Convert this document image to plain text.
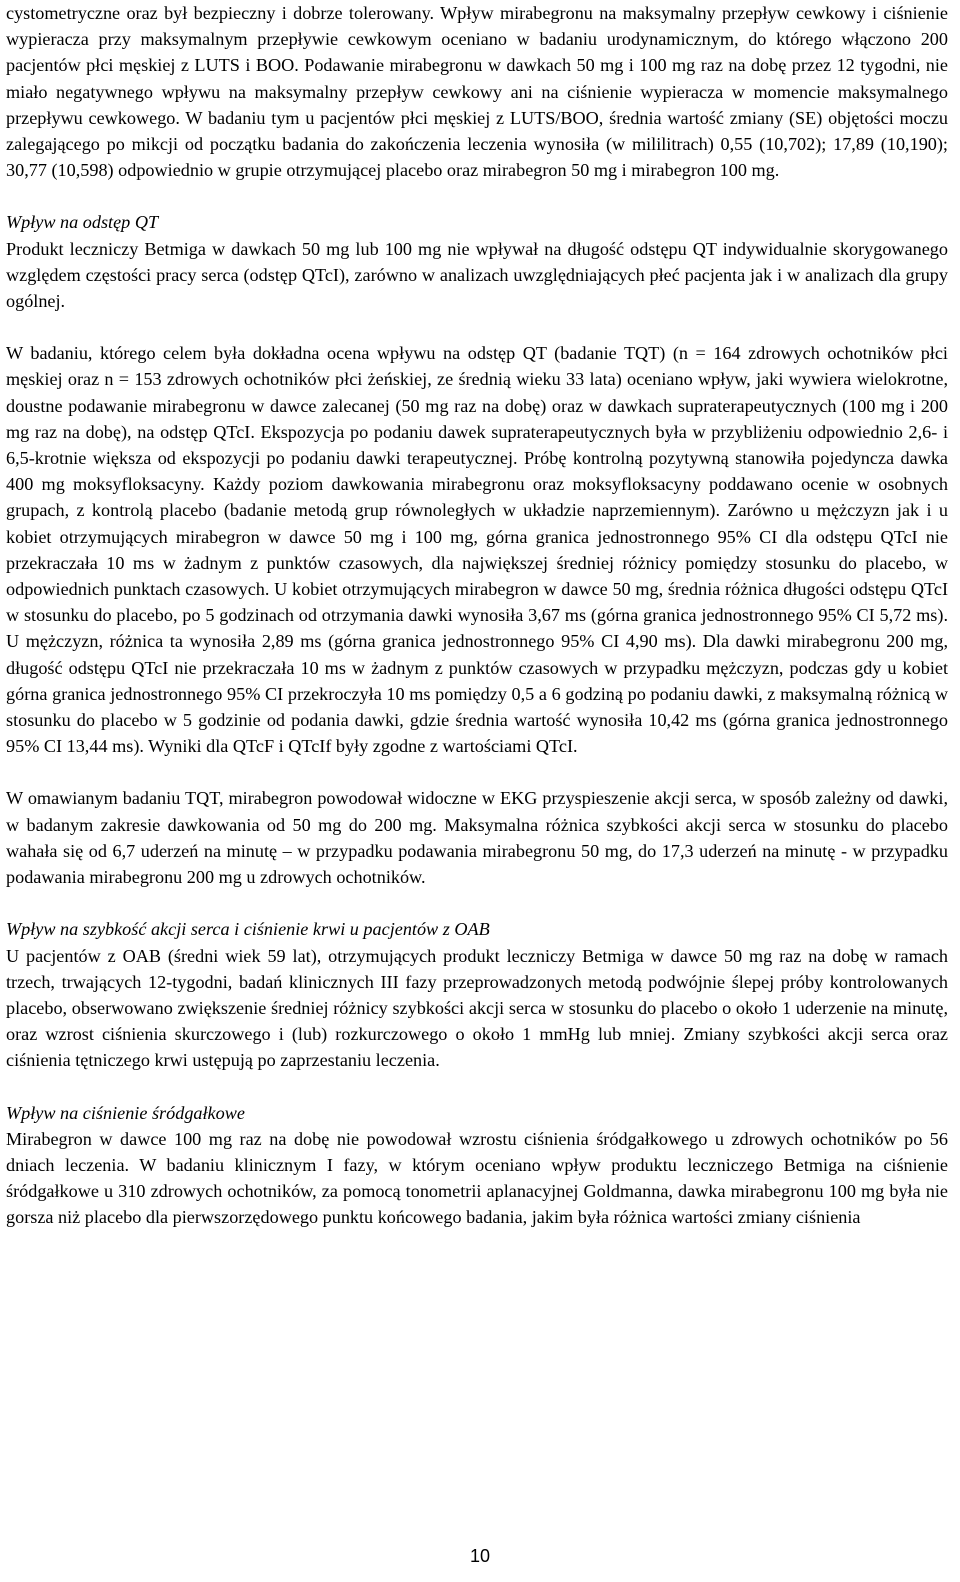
cystometryczne oraz był bezpieczny i dobrze tolerowany. Wpływ mirabegronu na maksymalny przepływ cewkowy i ciśnienie wypieracza przy maksymalnym przepływie cewkowym oceniano w badaniu urodynamicznym, do którego włączono 200 pacjentów płci męskiej z LUTS i BOO. Podawanie mirabegronu w dawkach 50 mg i 100 mg raz na dobę przez 12 tygodni, nie miało negatywnego wpływu na maksymalny przepływ cewkowy ani na ciśnienie wypieracza w momencie maksymalnego przepływu cewkowego. W badaniu tym u pacjentów płci męskiej z LUTS/BOO, średnia wartość zmiany (SE) objętości moczu zalegającego po mikcji od początku badania do zakończenia leczenia wynosiła (w mililitrach) 0,55 (10,702); 17,89 (10,190); 30,77 (10,598) odpowiednio w grupie otrzymującej placebo oraz mirabegron 50 mg i mirabegron 100 mg.

Wpływ na odstęp QT
Produkt leczniczy Betmiga w dawkach 50 mg lub 100 mg nie wpływał na długość odstępu QT indywidualnie skorygowanego względem częstości pracy serca (odstęp QTcI), zarówno w analizach uwzględniających płeć pacjenta jak i w analizach dla grupy ogólnej.

W badaniu, którego celem była dokładna ocena wpływu na odstęp QT (badanie TQT) (n = 164 zdrowych ochotników płci męskiej oraz n = 153 zdrowych ochotników płci żeńskiej, ze średnią wieku 33 lata) oceniano wpływ, jaki wywiera wielokrotne, doustne podawanie mirabegronu w dawce zalecanej (50 mg raz na dobę) oraz w dawkach supraterapeutycznych (100 mg i 200 mg raz na dobę), na odstęp QTcI. Ekspozycja po podaniu dawek supraterapeutycznych była w przybliżeniu odpowiednio 2,6- i 6,5-krotnie większa od ekspozycji po podaniu dawki terapeutycznej. Próbę kontrolną pozytywną stanowiła pojedyncza dawka 400 mg moksyfloksacyny. Każdy poziom dawkowania mirabegronu oraz moksyfloksacyny poddawano ocenie w osobnych grupach, z kontrolą placebo (badanie metodą grup równoległych w układzie naprzemiennym). Zarówno u mężczyzn jak i u kobiet otrzymujących mirabegron w dawce 50 mg i 100 mg, górna granica jednostronnego 95% CI dla odstępu QTcI nie przekraczała 10 ms w żadnym z punktów czasowych, dla największej średniej różnicy pomiędzy stosunku do placebo, w odpowiednich punktach czasowych. U kobiet otrzymujących mirabegron w dawce 50 mg, średnia różnica długości odstępu QTcI w stosunku do placebo, po 5 godzinach od otrzymania dawki wynosiła 3,67 ms (górna granica jednostronnego 95% CI 5,72 ms). U mężczyzn, różnica ta wynosiła 2,89 ms (górna granica jednostronnego 95% CI 4,90 ms). Dla dawki mirabegronu 200 mg, długość odstępu QTcI nie przekraczała 10 ms w żadnym z punktów czasowych w przypadku mężczyzn, podczas gdy u kobiet górna granica jednostronnego 95% CI przekroczyła 10 ms pomiędzy 0,5 a 6 godziną po podaniu dawki, z maksymalną różnicą w stosunku do placebo w 5 godzinie od podania dawki, gdzie średnia wartość wynosiła 10,42 ms (górna granica jednostronnego 95% CI 13,44 ms). Wyniki dla QTcF i QTcIf były zgodne z wartościami QTcI.

W omawianym badaniu TQT, mirabegron powodował widoczne w EKG przyspieszenie akcji serca, w sposób zależny od dawki, w badanym zakresie dawkowania od 50 mg do 200 mg. Maksymalna różnica szybkości akcji serca w stosunku do placebo wahała się od 6,7 uderzeń na minutę – w przypadku podawania mirabegronu 50 mg, do 17,3 uderzeń na minutę - w przypadku podawania mirabegronu 200 mg u zdrowych ochotników.

Wpływ na szybkość akcji serca i ciśnienie krwi u pacjentów z OAB
U pacjentów z OAB (średni wiek 59 lat), otrzymujących produkt leczniczy Betmiga w dawce 50 mg raz na dobę w ramach trzech, trwających 12-tygodni, badań klinicznych III fazy przeprowadzonych metodą podwójnie ślepej próby kontrolowanych placebo, obserwowano zwiększenie średniej różnicy szybkości akcji serca w stosunku do placebo o około 1 uderzenie na minutę, oraz wzrost ciśnienia skurczowego i (lub) rozkurczowego o około 1 mmHg lub mniej. Zmiany szybkości akcji serca oraz ciśnienia tętniczego krwi ustępują po zaprzestaniu leczenia.

Wpływ na ciśnienie śródgałkowe
Mirabegron w dawce 100 mg raz na dobę nie powodował wzrostu ciśnienia śródgałkowego u zdrowych ochotników po 56 dniach leczenia. W badaniu klinicznym I fazy, w którym oceniano wpływ produktu leczniczego Betmiga na ciśnienie śródgałkowe u 310 zdrowych ochotników, za pomocą tonometrii aplanacyjnej Goldmanna, dawka mirabegronu 100 mg była nie gorsza niż placebo dla pierwszorzędowego punktu końcowego badania, jakim była różnica wartości zmiany ciśnienia

10
